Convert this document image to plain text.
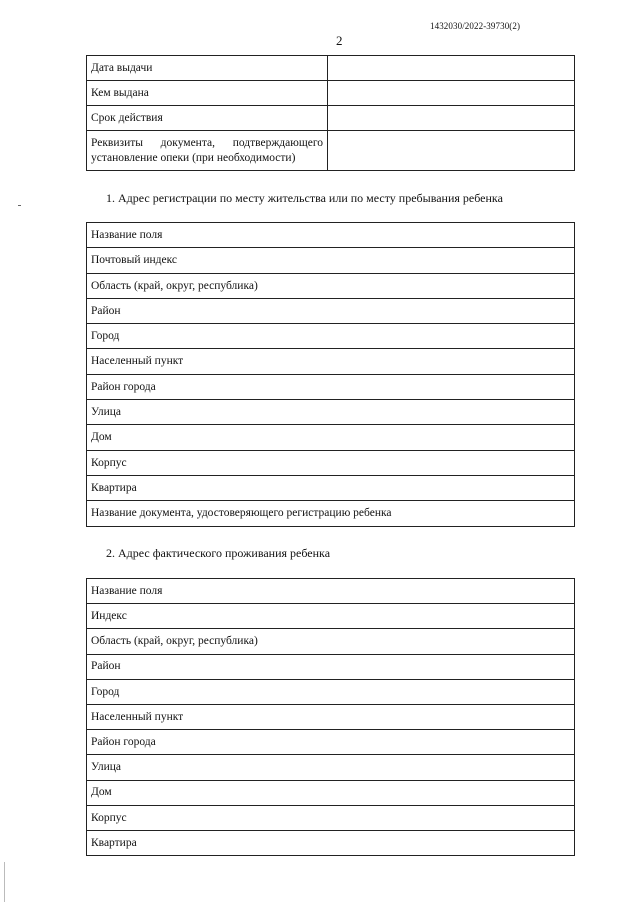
1432030/2022-39730(2)
2
Дата выдачи	
Кем выдана	
Срок действия	
Реквизиты документа, подтверждающего установление опеки (при необходимости)	
1. Адрес регистрации по месту жительства или по месту пребывания ребенка
Название поля
Почтовый индекс
Область (край, округ, республика)
Район
Город
Населенный пункт
Район города
Улица
Дом
Корпус
Квартира
Название документа, удостоверяющего регистрацию ребенка
2. Адрес фактического проживания ребенка
Название поля
Индекс
Область (край, округ, республика)
Район
Город
Населенный пункт
Район города
Улица
Дом
Корпус
Квартира
